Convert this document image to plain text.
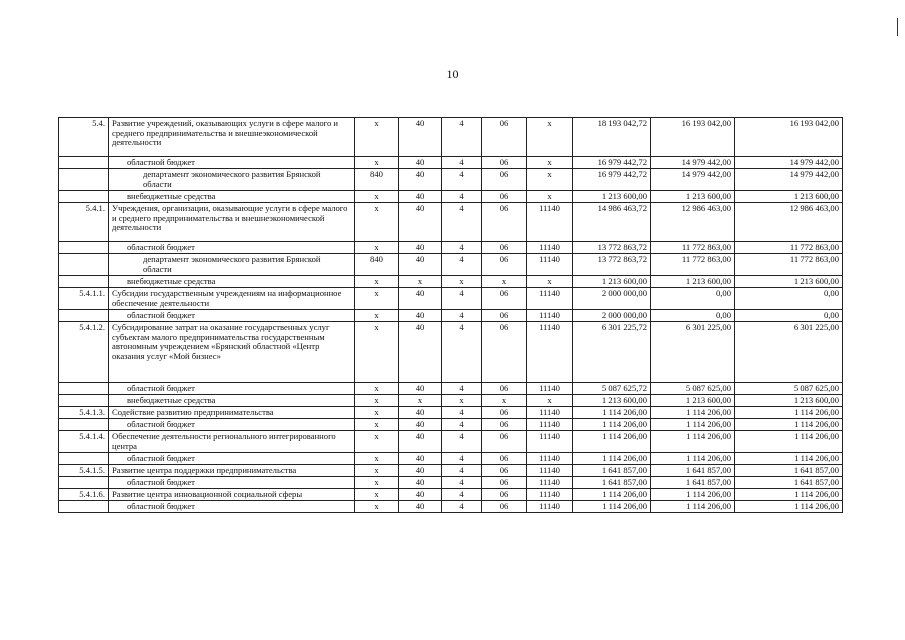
10
5.4.	Развитие учреждений, оказывающих услуги в сфере малого и среднего предпринимательства и внешнеэкономической деятельности	x	40	4	06	x	18 193 042,72	16 193 042,00	16 193 042,00
	областной бюджет	x	40	4	06	x	16 979 442,72	14 979 442,00	14 979 442,00
	департамент экономического развития Брянской области	840	40	4	06	x	16 979 442,72	14 979 442,00	14 979 442,00
	внебюджетные средства	x	40	4	06	x	1 213 600,00	1 213 600,00	1 213 600,00
5.4.1.	Учреждения, организации, оказывающие услуги в сфере малого и среднего предпринимательства и внешнеэкономической деятельности	x	40	4	06	11140	14 986 463,72	12 986 463,00	12 986 463,00
	областной бюджет	x	40	4	06	11140	13 772 863,72	11 772 863,00	11 772 863,00
	департамент экономического развития Брянской области	840	40	4	06	11140	13 772 863,72	11 772 863,00	11 772 863,00
	внебюджетные средства	x	x	x	x	x	1 213 600,00	1 213 600,00	1 213 600,00
5.4.1.1.	Субсидии государственным учреждениям на информационное обеспечение деятельности	x	40	4	06	11140	2 000 000,00	0,00	0,00
	областной бюджет	x	40	4	06	11140	2 000 000,00	0,00	0,00
5.4.1.2.	Субсидирование затрат на оказание государственных услуг субъектам малого предпринимательства государственным автономным учреждением «Брянский областной «Центр оказания услуг «Мой бизнес»	x	40	4	06	11140	6 301 225,72	6 301 225,00	6 301 225,00
	областной бюджет	x	40	4	06	11140	5 087 625,72	5 087 625,00	5 087 625,00
	внебюджетные средства	x	x	x	x	x	1 213 600,00	1 213 600,00	1 213 600,00
5.4.1.3.	Содействие развитию предпринимательства	x	40	4	06	11140	1 114 206,00	1 114 206,00	1 114 206,00
	областной бюджет	x	40	4	06	11140	1 114 206,00	1 114 206,00	1 114 206,00
5.4.1.4.	Обеспечение деятельности регионального интегрированного центра	x	40	4	06	11140	1 114 206,00	1 114 206,00	1 114 206,00
	областной бюджет	x	40	4	06	11140	1 114 206,00	1 114 206,00	1 114 206,00
5.4.1.5.	Развитие центра поддержки предпринимательства	x	40	4	06	11140	1 641 857,00	1 641 857,00	1 641 857,00
	областной бюджет	x	40	4	06	11140	1 641 857,00	1 641 857,00	1 641 857,00
5.4.1.6.	Развитие центра инновационной социальной сферы	x	40	4	06	11140	1 114 206,00	1 114 206,00	1 114 206,00
	областной бюджет	x	40	4	06	11140	1 114 206,00	1 114 206,00	1 114 206,00
